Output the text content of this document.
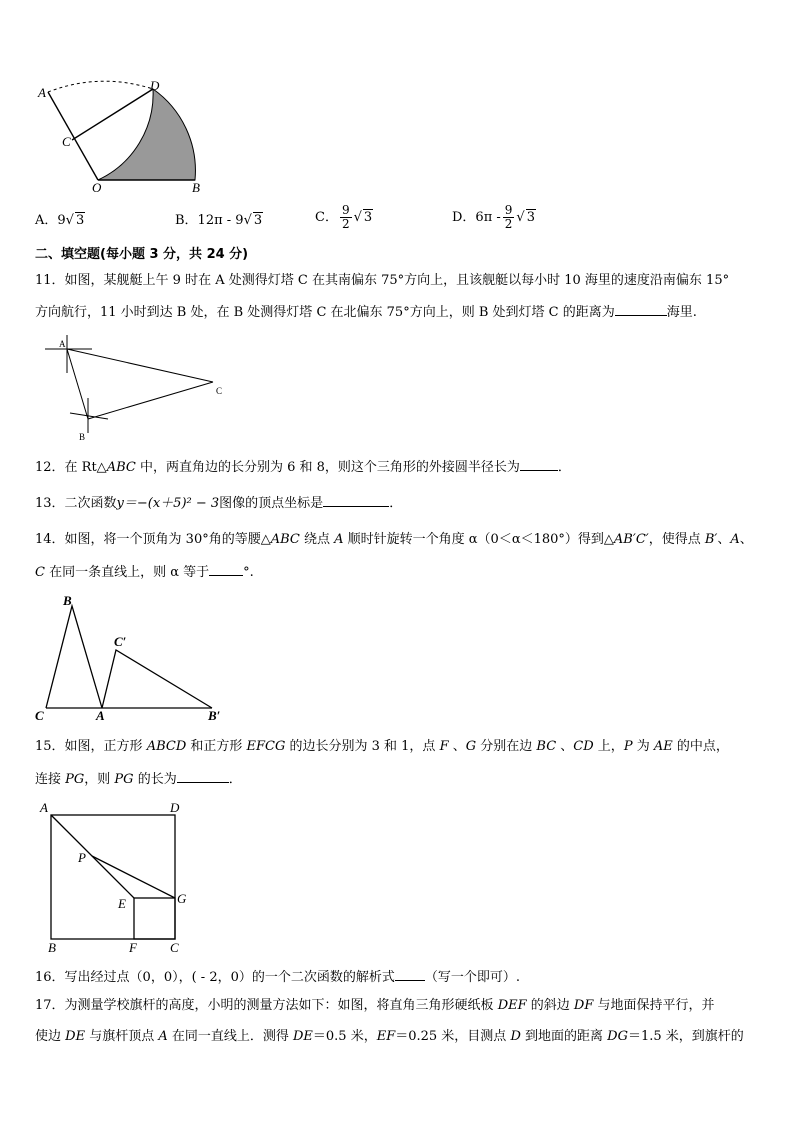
A	D
C
O	B
A．9√ 3	B．12π - 9√ 3	C． $\frac{9}{2}$ √ 3	D．$6\pi - \frac{9}{2}$ √ 3
二、填空题(每小题 3 分，共 24 分)
11．如图，某舰艇上午 9 时在 A 处测得灯塔 C 在其南偏东 75°方向上，且该舰艇以每小时 10 海里的速度沿南偏东 15°
方向航行，11 小时到达 B 处，在 B 处测得灯塔 C 在北偏东 75°方向上，则 B 处到灯塔 C 的距离为	海里.
A
C
B
12．在 Rt△ABC 中，两直角边的长分别为 6 和 8，则这个三角形的外接圆半径长为	．
13．二次函数y＝−(x＋5)² − 3图像的顶点坐标是	．
14．如图，将一个顶角为 30°角的等腰△ABC 绕点 A 顺时针旋转一个角度 α（0＜α＜180°）得到△AB′C′，使得点 B′、A、
C 在同一条直线上，则 α 等于	°.
B
C′
C	A	B′
15．如图，正方形 ABCD 和正方形 EFCG 的边长分别为 3 和 1，点 F 、G 分别在边 BC 、CD 上，P 为 AE 的中点，
连接 PG，则 PG 的长为	．
A	D
P
E	G
B	F	C
16．写出经过点（0，0），( - 2，0）的一个二次函数的解析式 （写一个即可）.
17．为测量学校旗杆的高度，小明的测量方法如下：如图，将直角三角形硬纸板 DEF 的斜边 DF 与地面保持平行，并
使边 DE 与旗杆顶点 A 在同一直线上．测得 DE＝0.5 米，EF＝0.25 米，目测点 D 到地面的距离 DG＝1.5 米，到旗杆的
